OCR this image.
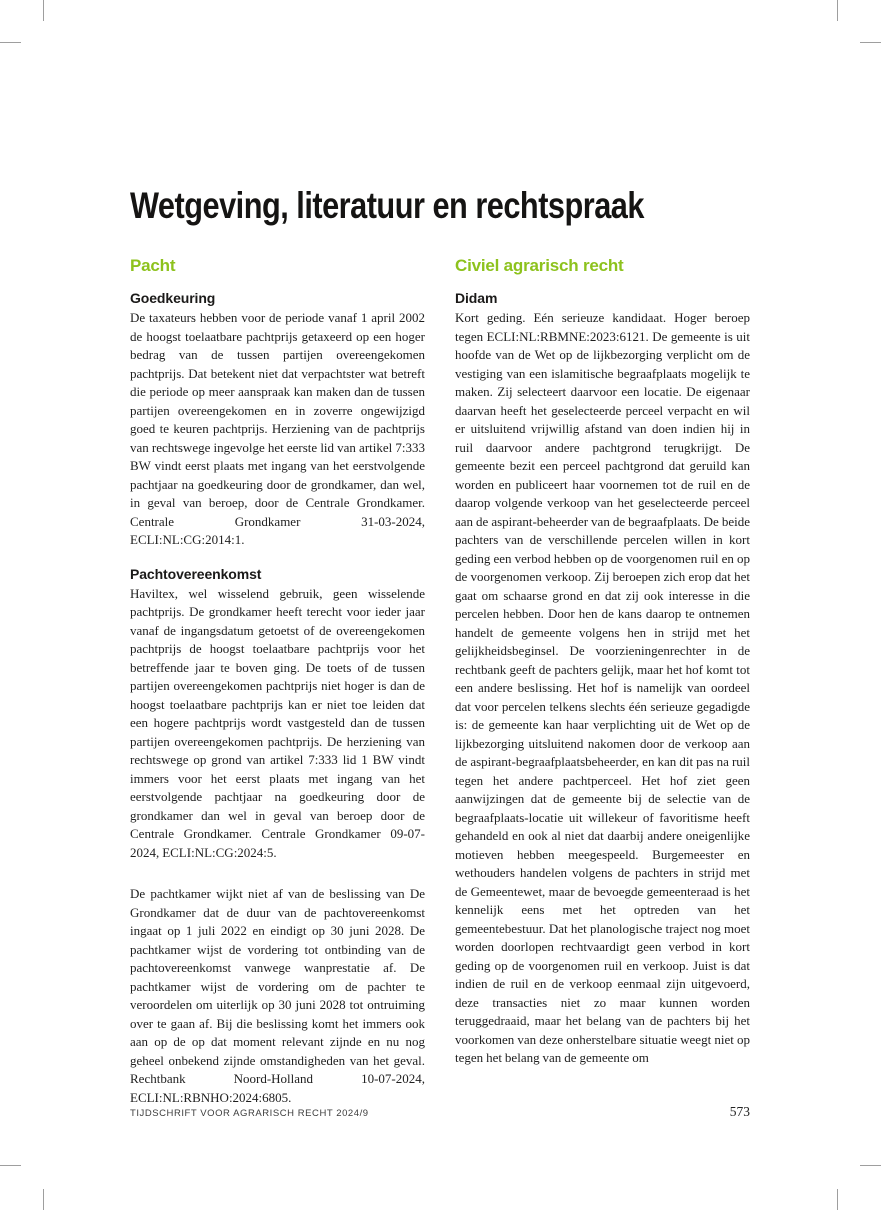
Wetgeving, literatuur en rechtspraak
Pacht
Goedkeuring

De taxateurs hebben voor de periode vanaf 1 april 2002 de hoogst toelaatbare pachtprijs getaxeerd op een hoger bedrag van de tussen partijen overeengekomen pachtprijs. Dat betekent niet dat verpachtster wat betreft die periode op meer aanspraak kan maken dan de tussen partijen overeengekomen en in zoverre ongewijzigd goed te keuren pachtprijs. Herziening van de pachtprijs van rechtswege ingevolge het eerste lid van artikel 7:333 BW vindt eerst plaats met ingang van het eerstvolgende pachtjaar na goedkeuring door de grondkamer, dan wel, in geval van beroep, door de Centrale Grondkamer. Centrale Grondkamer 31-03-2024, ECLI:NL:CG:2014:1.

Pachtovereenkomst

Haviltex, wel wisselend gebruik, geen wisselende pachtprijs. De grondkamer heeft terecht voor ieder jaar vanaf de ingangsdatum getoetst of de overeengekomen pachtprijs de hoogst toelaatbare pachtprijs voor het betreffende jaar te boven ging. De toets of de tussen partijen overeengekomen pachtprijs niet hoger is dan de hoogst toelaatbare pachtprijs kan er niet toe leiden dat een hogere pachtprijs wordt vastgesteld dan de tussen partijen overeengekomen pachtprijs. De herziening van rechtswege op grond van artikel 7:333 lid 1 BW vindt immers voor het eerst plaats met ingang van het eerstvolgende pachtjaar na goedkeuring door de grondkamer dan wel in geval van beroep door de Centrale Grondkamer. Centrale Grondkamer 09-07-2024, ECLI:NL:CG:2024:5.

De pachtkamer wijkt niet af van de beslissing van De Grondkamer dat de duur van de pachtovereenkomst ingaat op 1 juli 2022 en eindigt op 30 juni 2028. De pachtkamer wijst de vordering tot ontbinding van de pachtovereenkomst vanwege wanprestatie af. De pachtkamer wijst de vordering om de pachter te veroordelen om uiterlijk op 30 juni 2028 tot ontruiming over te gaan af. Bij die beslissing komt het immers ook aan op de op dat moment relevant zijnde en nu nog geheel onbekend zijnde omstandigheden van het geval. Rechtbank Noord-Holland 10-07-2024, ECLI:NL:RBNHO:2024:6805.

Civiel agrarisch recht
Didam

Kort geding. Eén serieuze kandidaat. Hoger beroep tegen ECLI:NL:RBMNE:2023:6121. De gemeente is uit hoofde van de Wet op de lijkbezorging verplicht om de vestiging van een islamitische begraafplaats mogelijk te maken. Zij selecteert daarvoor een locatie. De eigenaar daarvan heeft het geselecteerde perceel verpacht en wil er uitsluitend vrijwillig afstand van doen indien hij in ruil daarvoor andere pachtgrond terugkrijgt. De gemeente bezit een perceel pachtgrond dat geruild kan worden en publiceert haar voornemen tot de ruil en de daarop volgende verkoop van het geselecteerde perceel aan de aspirant-beheerder van de begraafplaats. De beide pachters van de verschillende percelen willen in kort geding een verbod hebben op de voorgenomen ruil en op de voorgenomen verkoop. Zij beroepen zich erop dat het gaat om schaarse grond en dat zij ook interesse in die percelen hebben. Door hen de kans daarop te ontnemen handelt de gemeente volgens hen in strijd met het gelijkheidsbeginsel. De voorzieningenrechter in de rechtbank geeft de pachters gelijk, maar het hof komt tot een andere beslissing. Het hof is namelijk van oordeel dat voor percelen telkens slechts één serieuze gegadigde is: de gemeente kan haar verplichting uit de Wet op de lijkbezorging uitsluitend nakomen door de verkoop aan de aspirant-begraafplaatsbeheerder, en kan dit pas na ruil tegen het andere pachtperceel. Het hof ziet geen aanwijzingen dat de gemeente bij de selectie van de begraafplaats-locatie uit willekeur of favoritisme heeft gehandeld en ook al niet dat daarbij andere oneigenlijke motieven hebben meegespeeld. Burgemeester en wethouders handelen volgens de pachters in strijd met de Gemeentewet, maar de bevoegde gemeenteraad is het kennelijk eens met het optreden van het gemeentebestuur. Dat het planologische traject nog moet worden doorlopen rechtvaardigt geen verbod in kort geding op de voorgenomen ruil en verkoop. Juist is dat indien de ruil en de verkoop eenmaal zijn uitgevoerd, deze transacties niet zo maar kunnen worden teruggedraaid, maar het belang van de pachters bij het voorkomen van deze onherstelbare situatie weegt niet op tegen het belang van de gemeente om

TIJDSCHRIFT VOOR AGRARISCH RECHT 2024/9	573
